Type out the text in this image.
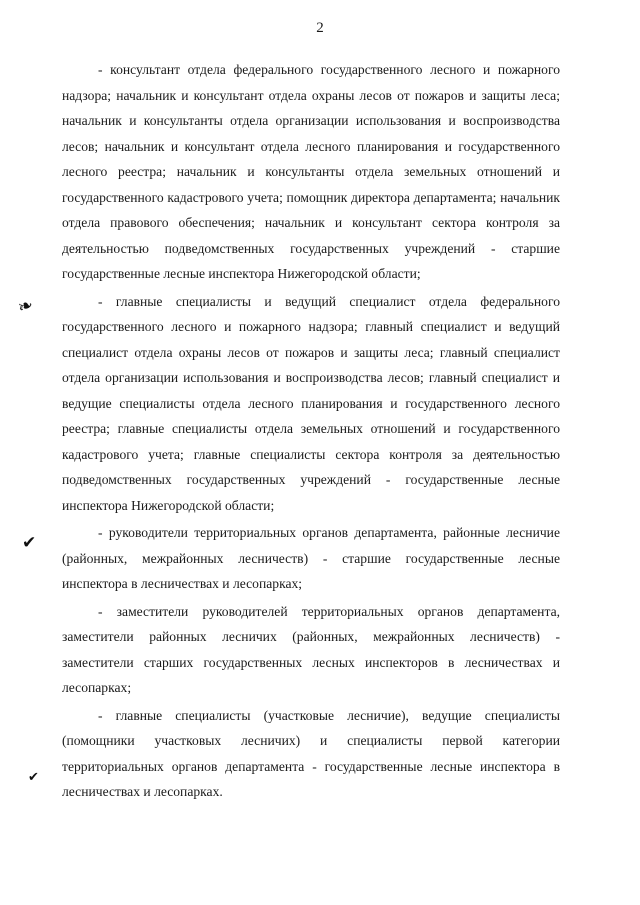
2

- консультант отдела федерального государственного лесного и пожарного надзора; начальник и консультант отдела охраны лесов от пожаров и защиты леса; начальник и консультанты отдела организации использования и воспроизводства лесов; начальник и консультант отдела лесного планирования и государственного лесного реестра; начальник и консультанты отдела земельных отношений и государственного кадастрового учета; помощник директора департамента; начальник отдела правового обеспечения; начальник и консультант сектора контроля за деятельностью подведомственных государственных учреждений - старшие государственные лесные инспектора Нижегородской области;

- главные специалисты и ведущий специалист отдела федерального государственного лесного и пожарного надзора; главный специалист и ведущий специалист отдела охраны лесов от пожаров и защиты леса; главный специалист отдела организации использования и воспроизводства лесов; главный специалист и ведущие специалисты отдела лесного планирования и государственного лесного реестра; главные специалисты отдела земельных отношений и государственного кадастрового учета; главные специалисты сектора контроля за деятельностью подведомственных государственных учреждений - государственные лесные инспектора Нижегородской области;

- руководители территориальных органов департамента, районные лесничие (районных, межрайонных лесничеств) - старшие государственные лесные инспектора в лесничествах и лесопарках;

- заместители руководителей территориальных органов департамента, заместители районных лесничих (районных, межрайонных лесничеств) - заместители старших государственных лесных инспекторов в лесничествах и лесопарках;

- главные специалисты (участковые лесничие), ведущие специалисты (помощники участковых лесничих) и специалисты первой категории территориальных органов департамента - государственные лесные инспектора в лесничествах и лесопарках.

❧
✔
✔
